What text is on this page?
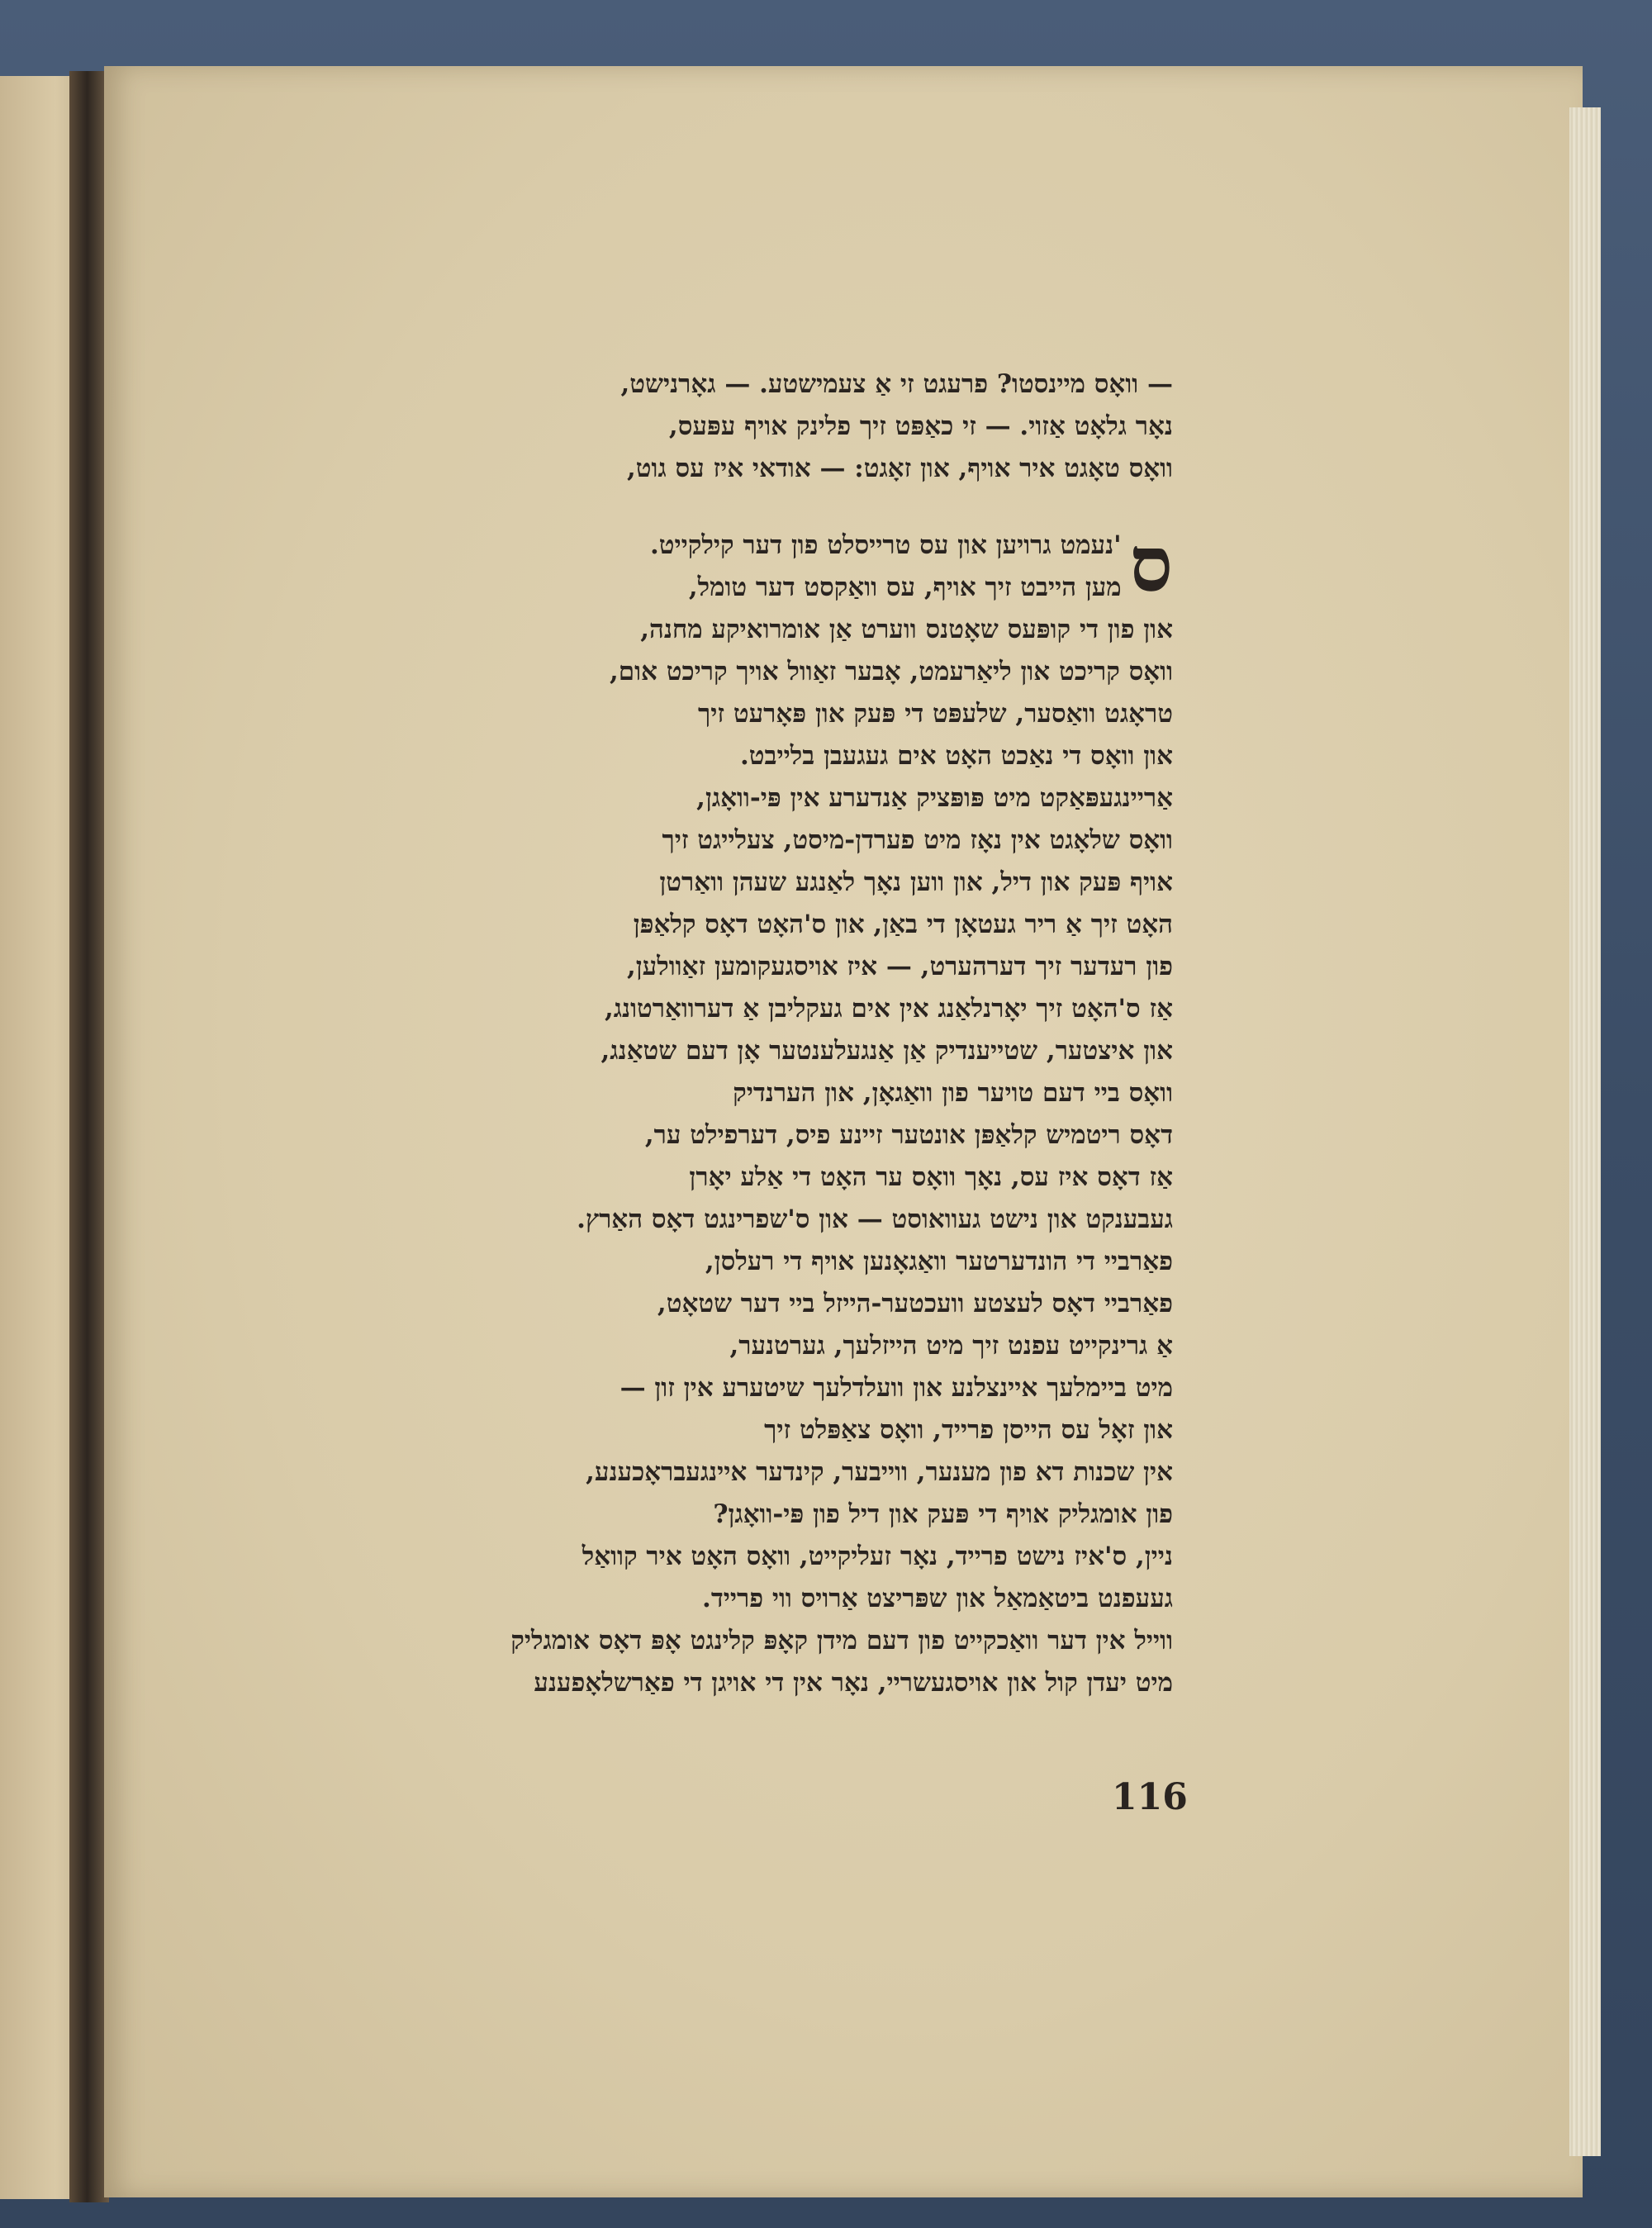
— וואָס מיינסטו? פרעגט זי אַ צעמישטע. — גאָרנישט,
נאָר גלאָט אַזוי. — זי כאַפּט זיך פלינק אויף עפּעס,
וואָס טאָגט איר אויף, און זאָגט: — אודאי איז עס גוט,
ס
'נעמט גרויען און עס טרייסלט פון דער קילקייט.
מען הייבט זיך אויף, עס וואַקסט דער טומל,
און פון די קופּעס שאָטנס ווערט אַן אומרואיקע מחנה,
וואָס קריכט און ליאַרעמט, אָבער זאַוול אויך קריכט אום,
טראָגט וואַסער, שלעפּט די פּעק און פּאָרעט זיך
און וואָס די נאַכט האָט אים געגעבן בלייבט.
אַריינגעפּאַקט מיט פּופּציק אַנדערע אין פּי-וואָגן,
וואָס שלאָגט אין נאָז מיט פערדן-מיסט, צעלייגט זיך
אויף פּעק און דיל, און ווען נאָך לאַנגע שעהן וואַרטן
האָט זיך אַ ריר געטאָן די באַן, און ס'האָט דאָס קלאַפּן
פון רעדער זיך דערהערט, — איז אויסגעקומען זאַוולען,
אַז ס'האָט זיך יאָרנלאַנג אין אים געקליבן אַ דערוואַרטונג,
און איצטער, שטייענדיק אַן אַנגעלענטער אָן דעם שטאַנג,
וואָס ביי דעם טויער פון וואַגאָן, און הערנדיק
דאָס ריטמיש קלאַפּן אונטער זיינע פיס, דערפילט ער,
אַז דאָס איז עס, נאָך וואָס ער האָט די אַלע יאָרן
געבענקט און נישט געוואוסט — און ס'שפרינגט דאָס האַרץ.
פאַרביי די הונדערטער וואַגאָנען אויף די רעלסן,
פאַרביי דאָס לעצטע וועכטער-הייזל ביי דער שטאָט,
אַ גרינקייט עפנט זיך מיט הייזלעך, גערטנער,
מיט ביימלעך איינצלנע און וועלדלעך שיטערע אין זון —
און זאָל עס הייסן פרייד, וואָס צאַפּלט זיך
אין שכנות דא פון מענער, ווייבער, קינדער איינגעבראָכענע,
פון אומגליק אויף די פּעק און דיל פון פּי-וואָגן?
ניין, ס'איז נישט פרייד, נאָר זעליקייט, וואָס האָט איר קוואַל
געעפנט ביטאַמאַל און שפּריצט אַרויס ווי פרייד.
ווייל אין דער וואַכקייט פון דעם מידן קאָפּ קלינגט אָפּ דאָס אומגליק
מיט יעדן קול און אויסגעשריי, נאָר אין די אויגן די פאַרשלאָפענע
116
